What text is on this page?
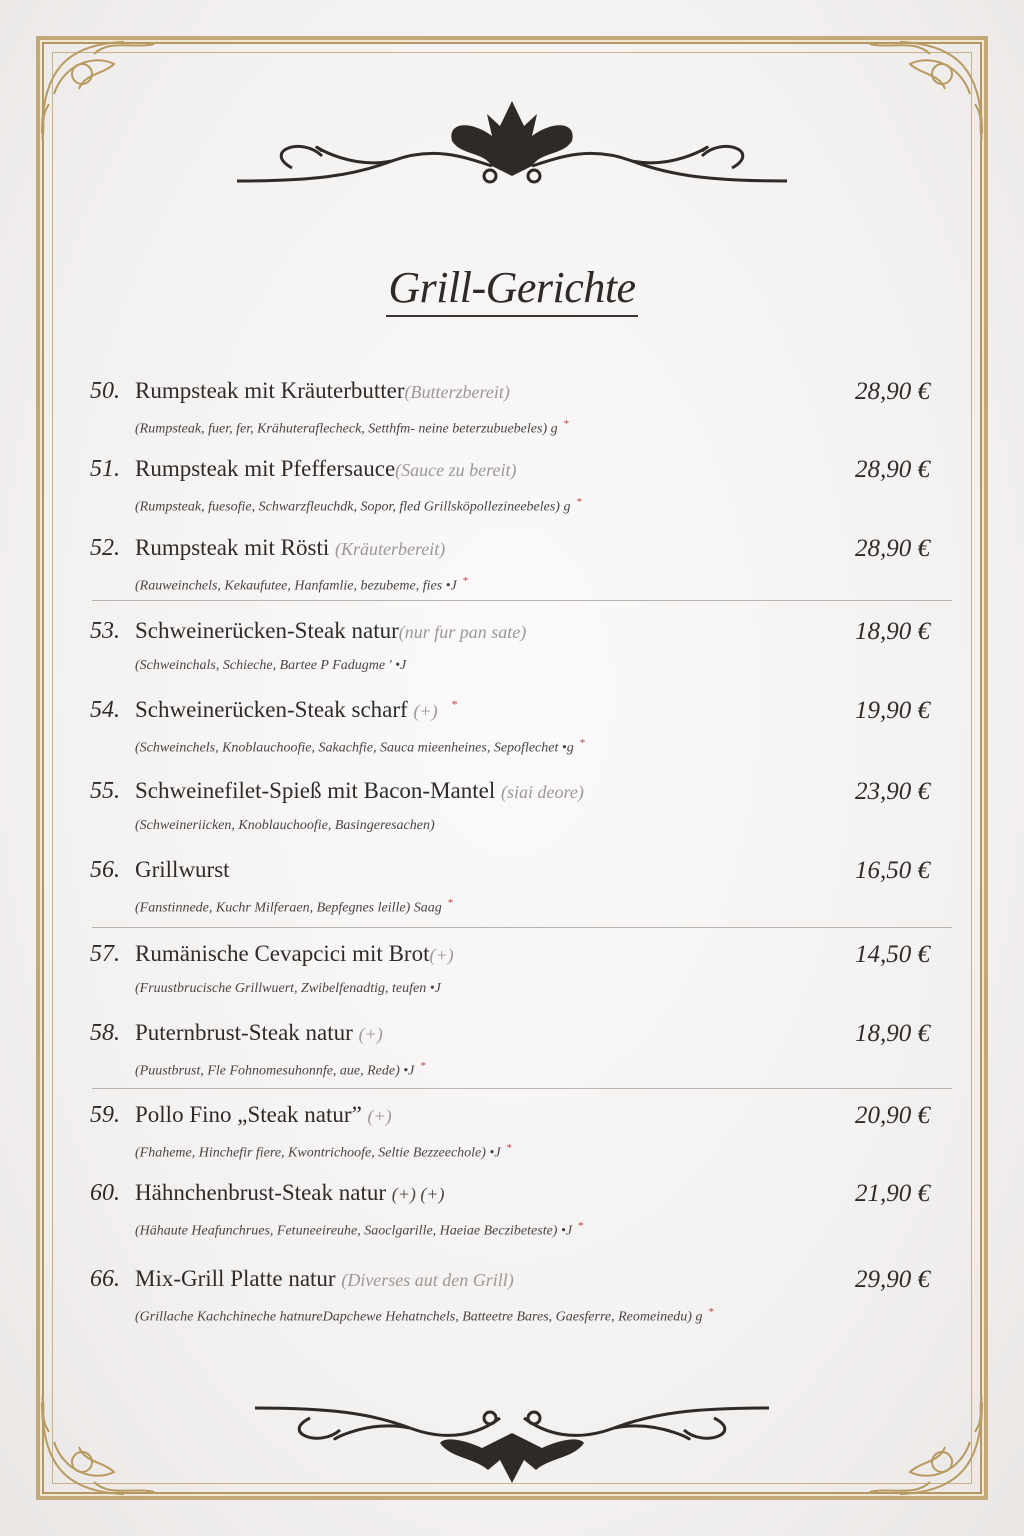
Grill-Gerichte
50. Rumpsteak mit Kräuterbutter(Butterzbereit)	28,90 €
(Rumpsteak, fuer, fer, Krähuteraflecheck, Setthfm- neine beterzubuebeles) g *
51. Rumpsteak mit Pfeffersauce(Sauce zu bereit)	28,90 €
(Rumpsteak, fuesofie, Schwarzfleuchdk, Sopor, fled Grillsköpollezineebeles) g *
52. Rumpsteak mit Rösti (Kräuterbereit)	28,90 €
(Rauweinchels, Kekaufutee, Hanfamlie, bezubeme, fies •J *
53. Schweinerücken-Steak natur(nur fur pan sate)	18,90 €
(Schweinchals, Schieche, Bartee P Fadugme ' •J
54. Schweinerücken-Steak scharf (+) *	19,90 €
(Schweinchels, Knoblauchoofie, Sakachfie, Sauca mieenheines, Sepoflechet •g *
55. Schweinefilet-Spieß mit Bacon-Mantel (siai deore)	23,90 €
(Schweineriicken, Knoblauchoofie, Basingeresachen)
56. Grillwurst	16,50 €
(Fanstinnede, Kuchr Milferaen, Bepfegnes leille) Saag *
57. Rumänische Cevapcici mit Brot(+)	14,50 €
(Fruustbrucische Grillwuert, Zwibelfenadtig, teufen •J
58. Puternbrust-Steak natur (+)	18,90 €
(Puustbrust, Fle Fohnomesuhonnfe, aue, Rede) •J *
59. Pollo Fino „Steak natur” (+)	20,90 €
(Fhaheme, Hinchefir fiere, Kwontrichoofe, Seltie Bezzeechole) •J *
60. Hähnchenbrust-Steak natur (+) (+)	21,90 €
(Hähaute Heafunchrues, Fetuneeireuhe, Saoclgarille, Haeiae Beczibeteste) •J *
66. Mix-Grill Platte natur (Diverses aut den Grill)	29,90 €
(Grillache Kachchineche hatnureDapchewe Hehatnchels, Batteetre Bares, Gaesferre, Reomeinedu) g *
